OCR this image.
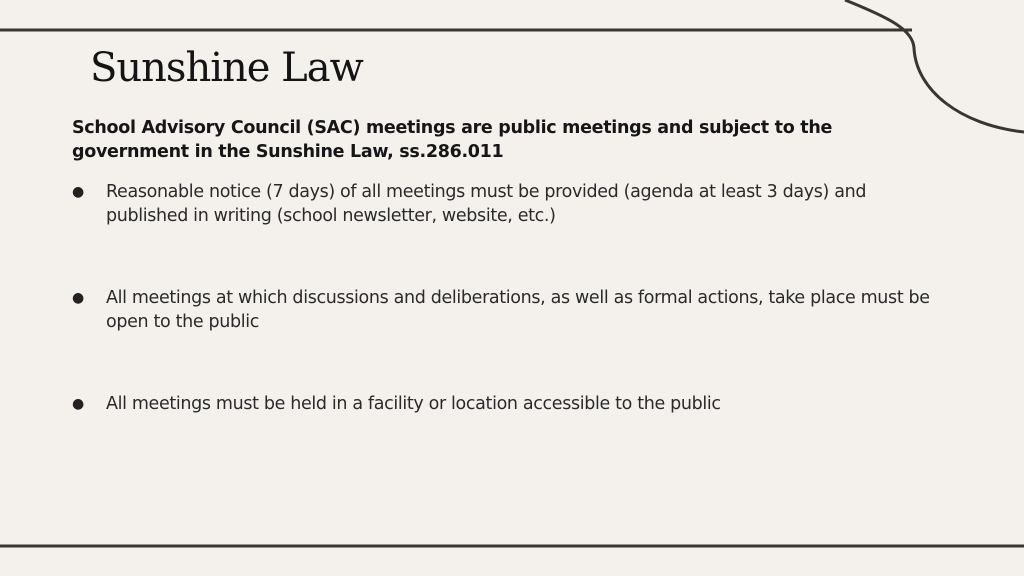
Sunshine Law

School Advisory Council (SAC) meetings are public meetings and subject to the government in the Sunshine Law, ss.286.011

●	Reasonable notice (7 days) of all meetings must be provided (agenda at least 3 days) and published in writing (school newsletter, website, etc.)
●	All meetings at which discussions and deliberations, as well as formal actions, take place must be open to the public
●	All meetings must be held in a facility or location accessible to the public
